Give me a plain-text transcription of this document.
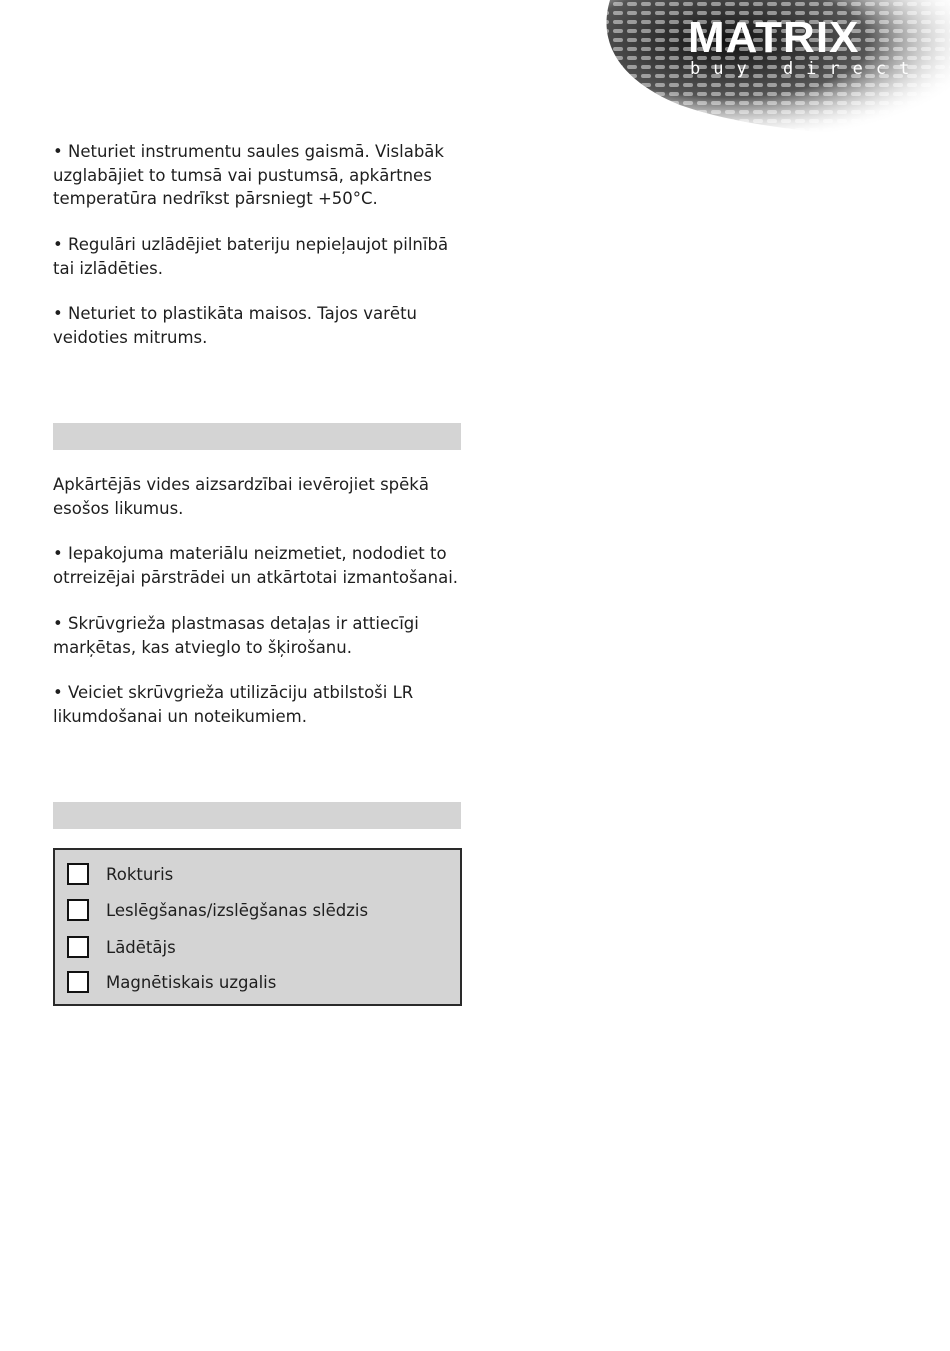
MATRIX
buy direct

• Neturiet instrumentu saules gaismā. Vislabāk uzglabājiet to tumsā vai pustumsā, apkārtnes temperatūra nedrīkst pārsniegt +50°C.

• Regulāri uzlādējiet bateriju nepieļaujot pilnībā tai izlādēties.

• Neturiet to plastikāta maisos. Tajos varētu veidoties mitrums.

Apkārtējās vides aizsardzībai ievērojiet spēkā esošos likumus.

• Iepakojuma materiālu neizmetiet, nododiet to otrreizējai pārstrādei un atkārtotai izmantošanai.

• Skrūvgrieža plastmasas detaļas ir attiecīgi marķētas, kas atvieglo to šķirošanu.

• Veiciet skrūvgrieža utilizāciju atbilstoši LR likumdošanai un noteikumiem.

Rokturis
Leslēgšanas/izslēgšanas slēdzis
Lādētājs
Magnētiskais uzgalis
